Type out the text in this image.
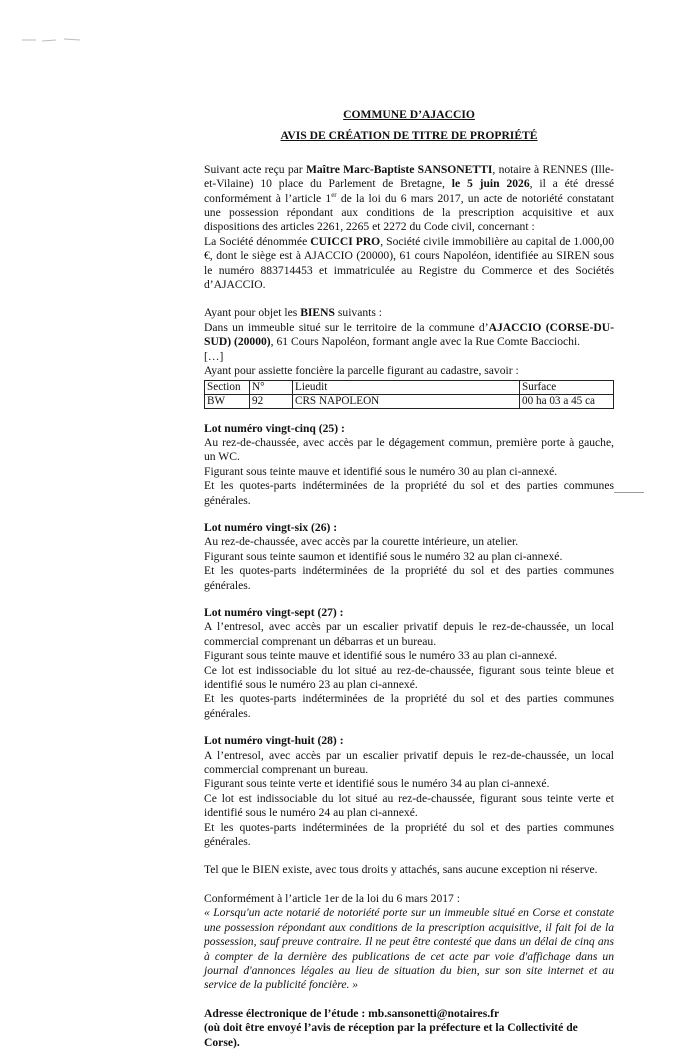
COMMUNE D’AJACCIO

AVIS DE CRÉATION DE TITRE DE PROPRIÉTÉ

Suivant acte reçu par Maître Marc-Baptiste SANSONETTI, notaire à RENNES (Ille-et-Vilaine) 10 place du Parlement de Bretagne, le 5 juin 2026, il a été dressé conformément à l’article 1er de la loi du 6 mars 2017, un acte de notoriété constatant une possession répondant aux conditions de la prescription acquisitive et aux dispositions des articles 2261, 2265 et 2272 du Code civil, concernant :

La Société dénommée CUICCI PRO, Société civile immobilière au capital de 1.000,00 €, dont le siège est à AJACCIO (20000), 61 cours Napoléon, identifiée au SIREN sous le numéro 883714453 et immatriculée au Registre du Commerce et des Sociétés d’AJACCIO.

Ayant pour objet les BIENS suivants :

Dans un immeuble situé sur le territoire de la commune d’AJACCIO (CORSE-DU-SUD) (20000), 61 Cours Napoléon, formant angle avec la Rue Comte Bacciochi.

[…]

Ayant pour assiette foncière la parcelle figurant au cadastre, savoir :

Section	N°	Lieudit	Surface
BW	92	CRS NAPOLEON	00 ha 03 a 45 ca

Lot numéro vingt-cinq (25) :

Au rez-de-chaussée, avec accès par le dégagement commun, première porte à gauche, un WC.

Figurant sous teinte mauve et identifié sous le numéro 30 au plan ci-annexé.

Et les quotes-parts indéterminées de la propriété du sol et des parties communes générales.

Lot numéro vingt-six (26) :

Au rez-de-chaussée, avec accès par la courette intérieure, un atelier.

Figurant sous teinte saumon et identifié sous le numéro 32 au plan ci-annexé.

Et les quotes-parts indéterminées de la propriété du sol et des parties communes générales.

Lot numéro vingt-sept (27) :

A l’entresol, avec accès par un escalier privatif depuis le rez-de-chaussée, un local commercial comprenant un débarras et un bureau.

Figurant sous teinte mauve et identifié sous le numéro 33 au plan ci-annexé.

Ce lot est indissociable du lot situé au rez-de-chaussée, figurant sous teinte bleue et identifié sous le numéro 23 au plan ci-annexé.

Et les quotes-parts indéterminées de la propriété du sol et des parties communes générales.

Lot numéro vingt-huit (28) :

A l’entresol, avec accès par un escalier privatif depuis le rez-de-chaussée, un local commercial comprenant un bureau.

Figurant sous teinte verte et identifié sous le numéro 34 au plan ci-annexé.

Ce lot est indissociable du lot situé au rez-de-chaussée, figurant sous teinte verte et identifié sous le numéro 24 au plan ci-annexé.

Et les quotes-parts indéterminées de la propriété du sol et des parties communes générales.

Tel que le BIEN existe, avec tous droits y attachés, sans aucune exception ni réserve.

Conformément à l’article 1er de la loi du 6 mars 2017 :

« Lorsqu'un acte notarié de notoriété porte sur un immeuble situé en Corse et constate une possession répondant aux conditions de la prescription acquisitive, il fait foi de la possession, sauf preuve contraire. Il ne peut être contesté que dans un délai de cinq ans à compter de la dernière des publications de cet acte par voie d'affichage dans un journal d'annonces légales au lieu de situation du bien, sur son site internet et au service de la publicité foncière. »

Adresse électronique de l’étude : mb.sansonetti@notaires.fr

(où doit être envoyé l’avis de réception par la préfecture et la Collectivité de Corse).
